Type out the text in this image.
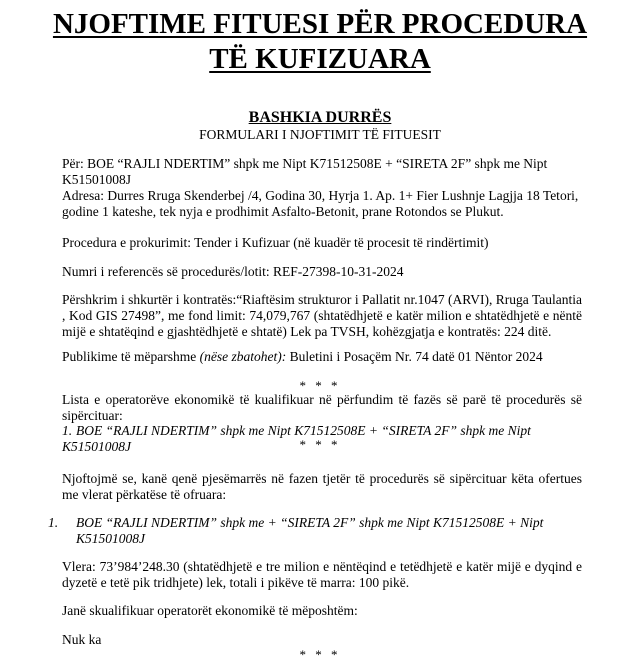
NJOFTIME FITUESI PËR PROCEDURA
TË KUFIZUARA
BASHKIA DURRËS
FORMULARI I NJOFTIMIT TË FITUESIT
Për: BOE “RAJLI NDERTIM” shpk me Nipt K71512508E + “SIRETA 2F” shpk me Nipt K51501008J
Adresa: Durres Rruga Skenderbej /4, Godina 30, Hyrja 1. Ap. 1+ Fier Lushnje Lagjja 18 Tetori, godine 1 kateshe, tek nyja e prodhimit Asfalto-Betonit, prane Rotondos se Plukut.
Procedura e prokurimit: Tender i Kufizuar (në kuadër të procesit të rindërtimit)
Numri i referencës së procedurës/lotit: REF-27398-10-31-2024
Përshkrim i shkurtër i kontratës:“Riaftësim strukturor i Pallatit nr.1047 (ARVI), Rruga Taulantia , Kod GIS 27498”, me fond limit: 74,079,767 (shtatëdhjetë e katër milion e shtatëdhjetë e nëntë mijë e shtatëqind e gjashtëdhjetë e shtatë) Lek pa TVSH, kohëzgjatja e kontratës: 224 ditë.
Publikime të mëparshme (nëse zbatohet): Buletini i Posaçëm Nr. 74 datë 01 Nëntor 2024
* * *
Lista e operatorëve ekonomikë të kualifikuar në përfundim të fazës së parë të procedurës së sipërcituar:
1. BOE “RAJLI NDERTIM” shpk me Nipt K71512508E + “SIRETA 2F” shpk me Nipt K51501008J	* * *
Njoftojmë se, kanë qenë pjesëmarrës në fazen tjetër të procedurës së sipërcituar këta ofertues me vlerat përkatëse të ofruara:
1. BOE “RAJLI NDERTIM” shpk me + “SIRETA 2F” shpk me Nipt K71512508E + Nipt K51501008J
Vlera: 73’984’248.30 (shtatëdhjetë e tre milion e nëntëqind e tetëdhjetë e katër mijë e dyqind e dyzetë e tetë pik tridhjete) lek, totali i pikëve të marra: 100 pikë.
Janë skualifikuar operatorët ekonomikë të mëposhtëm:
Nuk ka
* * *
